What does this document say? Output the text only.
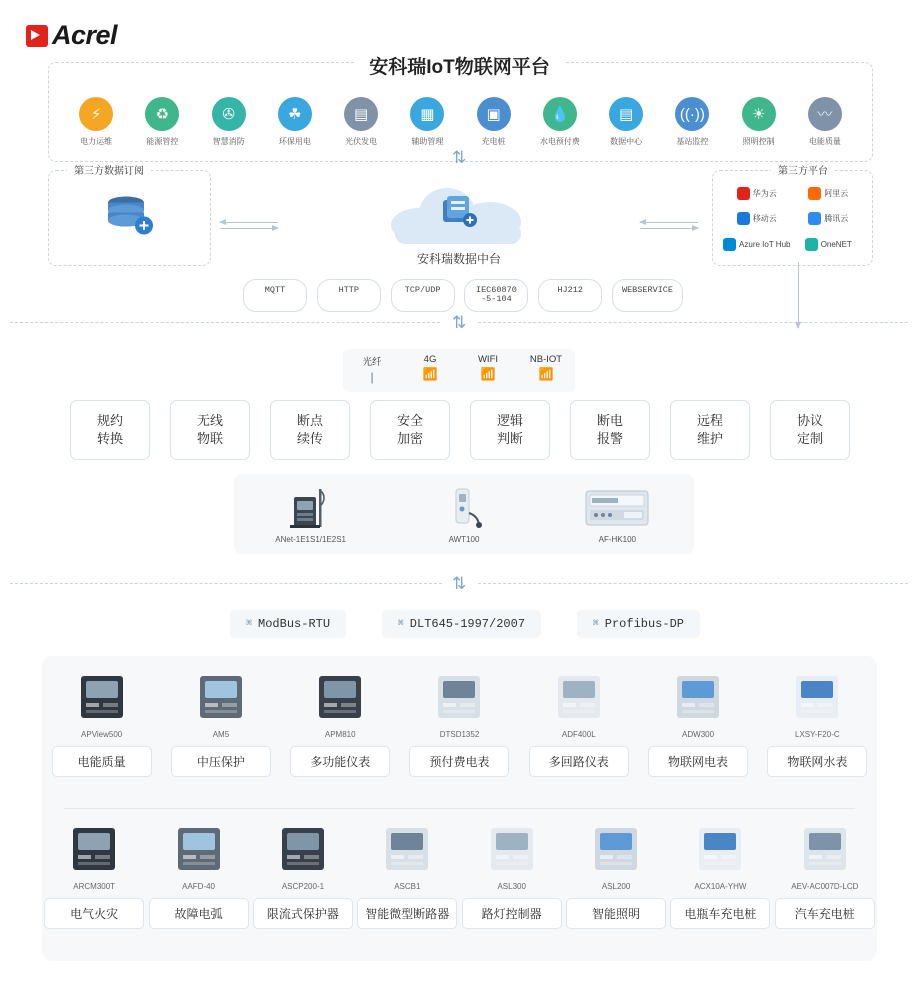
Acrel
⚡
电力运维
♻
能源管控
✇
智慧消防
☘
环保用电
▤
光伏发电
▦
辅助管理
▣
充电桩
💧
水电预付费
▤
数据中心
((·))
基站监控
☀
照明控制
〰
电能质量
安科瑞IoT物联网平台
⇅
第三方数据订阅
安科瑞数据中台
第三方平台
华为云	阿里云
移动云	腾讯云
Azure IoT Hub	OneNET
MQTT	HTTP	TCP/UDP	IEC60870
-5-104
HJ212	WEBSERVICE
⇅
光纤
|
4G
📶
WIFI
📶
NB-IOT
📶
规约
转换
无线
物联
断点
续传
安全
加密
逻辑
判断
断电
报警
远程
维护
协议
定制
ANet-1E1S1/1E2S1	AWT100	AF-HK100
⇅
⌘ ModBus-RTU	⌘ DLT645-1997/2007	⌘ Profibus-DP
APView500
电能质量
AM5
中压保护
APM810
多功能仪表
DTSD1352
预付费电表
ADF400L
多回路仪表
ADW300
物联网电表
LXSY-F20-C
物联网水表
ARCM300T
电气火灾
AAFD-40
故障电弧
ASCP200-1
限流式保护器
ASCB1
智能微型断路器
ASL300
路灯控制器
ASL200
智能照明
ACX10A-YHW
电瓶车充电桩
AEV-AC007D-LCD
汽车充电桩
